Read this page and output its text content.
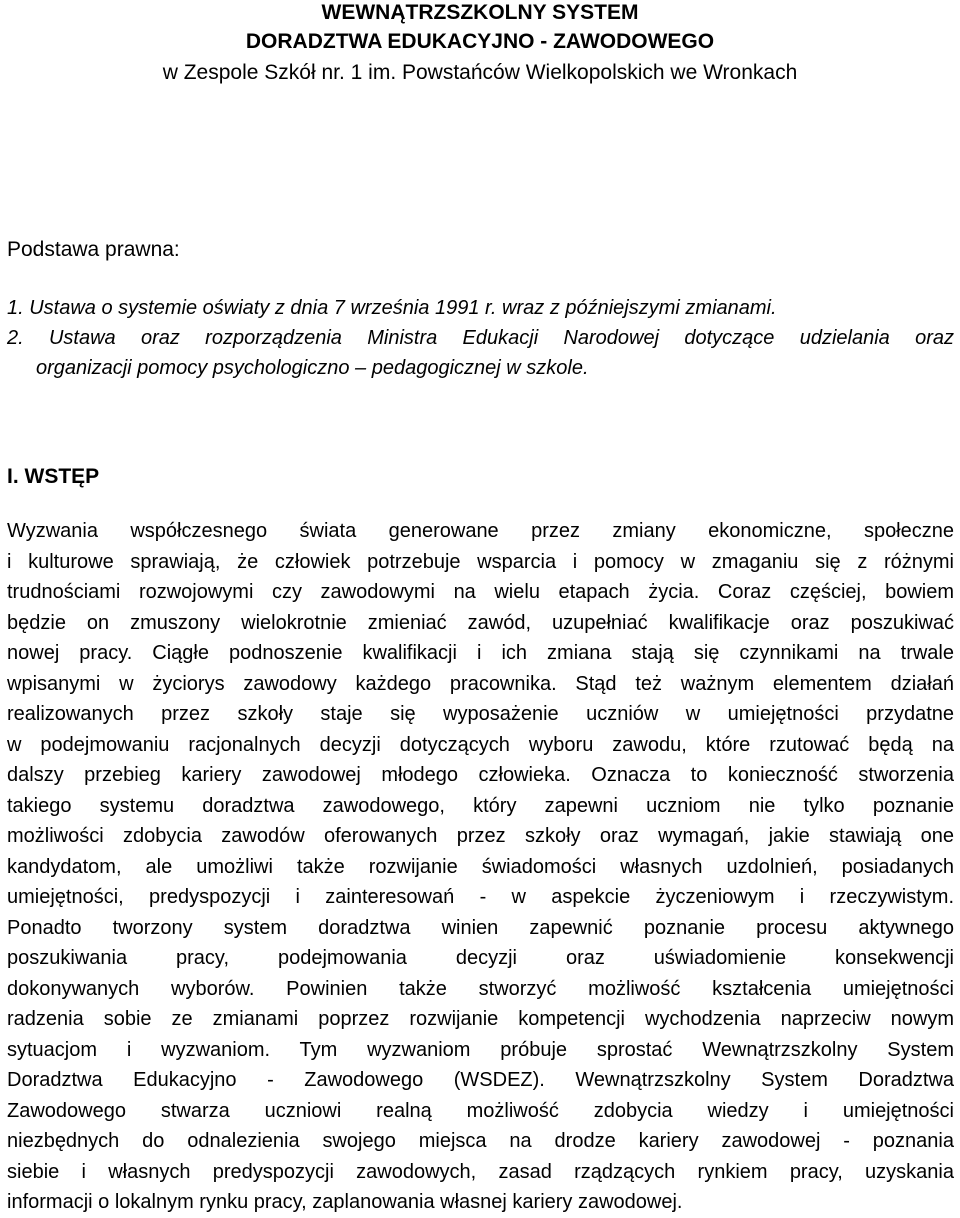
WEWNĄTRZSZKOLNY SYSTEM
DORADZTWA EDUKACYJNO - ZAWODOWEGO
w Zespole Szkół nr. 1 im. Powstańców Wielkopolskich we Wronkach
Podstawa prawna:
1. Ustawa o systemie oświaty z dnia 7 września 1991 r. wraz z późniejszymi zmianami.
2. Ustawa oraz rozporządzenia Ministra Edukacji Narodowej dotyczące udzielania oraz
organizacji pomocy psychologiczno – pedagogicznej w szkole.
I. WSTĘP
Wyzwania współczesnego świata generowane przez zmiany ekonomiczne, społeczne
i kulturowe sprawiają, że człowiek potrzebuje wsparcia i pomocy w zmaganiu się z różnymi
trudnościami rozwojowymi czy zawodowymi na wielu etapach życia. Coraz częściej, bowiem
będzie on zmuszony wielokrotnie zmieniać zawód, uzupełniać kwalifikacje oraz poszukiwać
nowej pracy. Ciągłe podnoszenie kwalifikacji i ich zmiana stają się czynnikami na trwale
wpisanymi w życiorys zawodowy każdego pracownika. Stąd też ważnym elementem działań
realizowanych przez szkoły staje się wyposażenie uczniów w umiejętności przydatne
w podejmowaniu racjonalnych decyzji dotyczących wyboru zawodu, które rzutować będą na
dalszy przebieg kariery zawodowej młodego człowieka. Oznacza to konieczność stworzenia
takiego systemu doradztwa zawodowego, który zapewni uczniom nie tylko poznanie
możliwości zdobycia zawodów oferowanych przez szkoły oraz wymagań, jakie stawiają one
kandydatom, ale umożliwi także rozwijanie świadomości własnych uzdolnień, posiadanych
umiejętności, predyspozycji i zainteresowań - w aspekcie życzeniowym i rzeczywistym.
Ponadto tworzony system doradztwa winien zapewnić poznanie procesu aktywnego
poszukiwania pracy, podejmowania decyzji oraz uświadomienie konsekwencji
dokonywanych wyborów. Powinien także stworzyć możliwość kształcenia umiejętności
radzenia sobie ze zmianami poprzez rozwijanie kompetencji wychodzenia naprzeciw nowym
sytuacjom i wyzwaniom. Tym wyzwaniom próbuje sprostać Wewnątrzszkolny System
Doradztwa Edukacyjno - Zawodowego (WSDEZ). Wewnątrzszkolny System Doradztwa
Zawodowego stwarza uczniowi realną możliwość zdobycia wiedzy i umiejętności
niezbędnych do odnalezienia swojego miejsca na drodze kariery zawodowej - poznania
siebie i własnych predyspozycji zawodowych, zasad rządzących rynkiem pracy, uzyskania
informacji o lokalnym rynku pracy, zaplanowania własnej kariery zawodowej.
